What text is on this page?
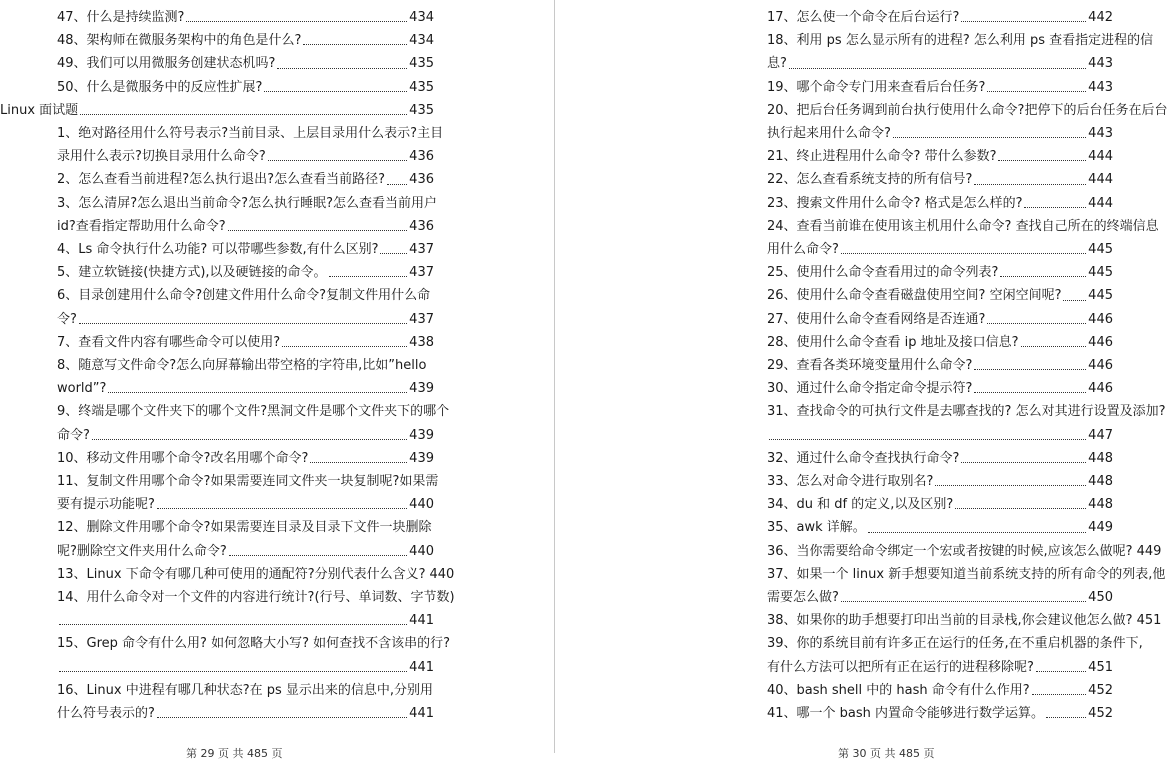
47、什么是持续监测?	434
48、架构师在微服务架构中的角色是什么?	434
49、我们可以用微服务创建状态机吗?	435
50、什么是微服务中的反应性扩展?	435
Linux 面试题	435
1、绝对路径用什么符号表示?当前目录、上层目录用什么表示?主目
录用什么表示?切换目录用什么命令?	436
2、怎么查看当前进程?怎么执行退出?怎么查看当前路径? 436
3、怎么清屏?怎么退出当前命令?怎么执行睡眠?怎么查看当前用户
id?查看指定帮助用什么命令?	436
4、Ls 命令执行什么功能? 可以带哪些参数,有什么区别? 437
5、建立软链接(快捷方式),以及硬链接的命令。	437
6、目录创建用什么命令?创建文件用什么命令?复制文件用什么命
令?	437
7、查看文件内容有哪些命令可以使用?	438
8、随意写文件命令?怎么向屏幕输出带空格的字符串,比如”hello
world”?	439
9、终端是哪个文件夹下的哪个文件?黑洞文件是哪个文件夹下的哪个
命令?	439
10、移动文件用哪个命令?改名用哪个命令?	439
11、复制文件用哪个命令?如果需要连同文件夹一块复制呢?如果需
要有提示功能呢?	440
12、删除文件用哪个命令?如果需要连目录及目录下文件一块删除
呢?删除空文件夹用什么命令?	440
13、Linux 下命令有哪几种可使用的通配符?分别代表什么含义? 440
14、用什么命令对一个文件的内容进行统计?(行号、单词数、字节数)
441
15、Grep 命令有什么用? 如何忽略大小写? 如何查找不含该串的行?
441
16、Linux 中进程有哪几种状态?在 ps 显示出来的信息中,分别用
什么符号表示的?	441
第 29 页 共 485 页
17、怎么使一个命令在后台运行?	442
18、利用 ps 怎么显示所有的进程? 怎么利用 ps 查看指定进程的信
息?	443
19、哪个命令专门用来查看后台任务?	443
20、把后台任务调到前台执行使用什么命令?把停下的后台任务在后台
执行起来用什么命令?	443
21、终止进程用什么命令? 带什么参数?	444
22、怎么查看系统支持的所有信号?	444
23、搜索文件用什么命令? 格式是怎么样的?	444
24、查看当前谁在使用该主机用什么命令? 查找自己所在的终端信息
用什么命令?	445
25、使用什么命令查看用过的命令列表?	445
26、使用什么命令查看磁盘使用空间? 空闲空间呢? 445
27、使用什么命令查看网络是否连通?	446
28、使用什么命令查看 ip 地址及接口信息?	446
29、查看各类环境变量用什么命令?	446
30、通过什么命令指定命令提示符?	446
31、查找命令的可执行文件是去哪查找的? 怎么对其进行设置及添加?
447
32、通过什么命令查找执行命令?	448
33、怎么对命令进行取别名?	448
34、du 和 df 的定义,以及区别?	448
35、awk 详解。	449
36、当你需要给命令绑定一个宏或者按键的时候,应该怎么做呢? 449
37、如果一个 linux 新手想要知道当前系统支持的所有命令的列表,他
需要怎么做?	450
38、如果你的助手想要打印出当前的目录栈,你会建议他怎么做? 451
39、你的系统目前有许多正在运行的任务,在不重启机器的条件下,
有什么方法可以把所有正在运行的进程移除呢?	451
40、bash shell 中的 hash 命令有什么作用?	452
41、哪一个 bash 内置命令能够进行数学运算。	452
第 30 页 共 485 页
